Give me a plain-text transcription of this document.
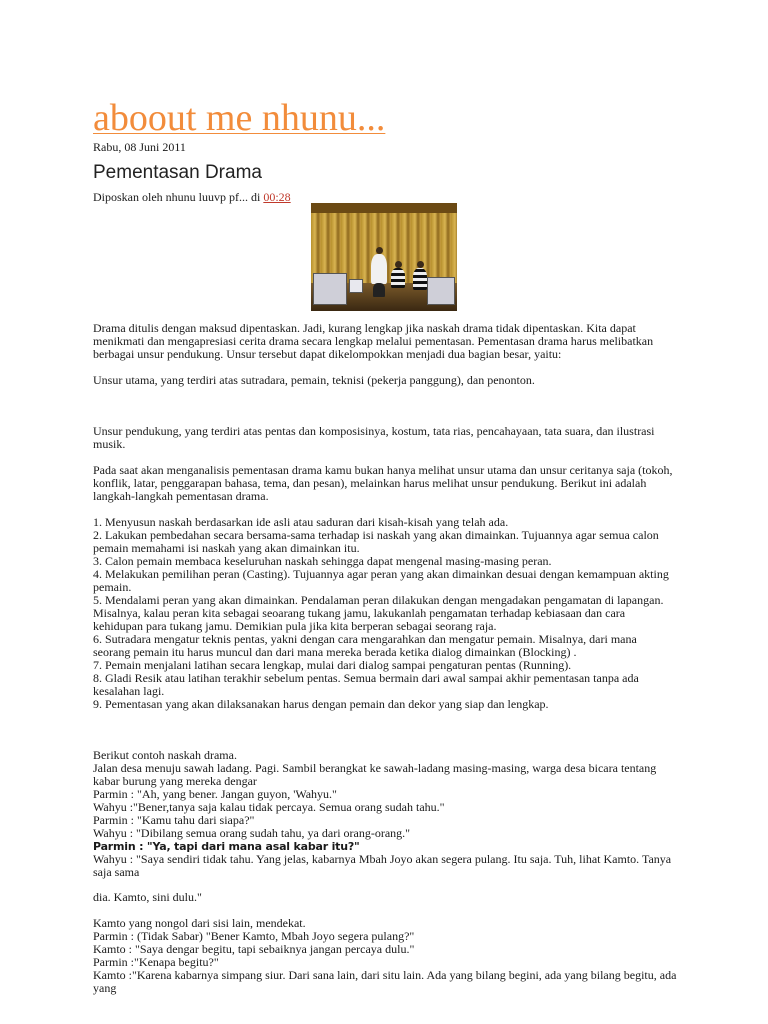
aboout me nhunu...
Rabu, 08 Juni 2011
Pementasan Drama
Diposkan oleh nhunu luuvp pf... di 00:28

Drama ditulis dengan maksud dipentaskan. Jadi, kurang lengkap jika naskah drama tidak dipentaskan. Kita dapat menikmati dan mengapresiasi cerita drama secara lengkap melalui pementasan. Pementasan drama harus melibatkan berbagai unsur pendukung. Unsur tersebut dapat dikelompokkan menjadi dua bagian besar, yaitu:

Unsur utama, yang terdiri atas sutradara, pemain, teknisi (pekerja panggung), dan penonton.

Unsur pendukung, yang terdiri atas pentas dan komposisinya, kostum, tata rias, pencahayaan, tata suara, dan ilustrasi musik.

Pada saat akan menganalisis pementasan drama kamu bukan hanya melihat unsur utama dan unsur ceritanya saja (tokoh, konflik, latar, penggarapan bahasa, tema, dan pesan), melainkan harus melihat unsur pendukung. Berikut ini adalah langkah-langkah pementasan drama.

1. Menyusun naskah berdasarkan ide asli atau saduran dari kisah-kisah yang telah ada.

2. Lakukan pembedahan secara bersama-sama terhadap isi naskah yang akan dimainkan. Tujuannya agar semua calon pemain memahami isi naskah yang akan dimainkan itu.

3. Calon pemain membaca keseluruhan naskah sehingga dapat mengenal masing-masing peran.

4. Melakukan pemilihan peran (Casting). Tujuannya agar peran yang akan dimainkan desuai dengan kemampuan akting pemain.

5. Mendalami peran yang akan dimainkan. Pendalaman peran dilakukan dengan mengadakan pengamatan di lapangan. Misalnya, kalau peran kita sebagai seoarang tukang jamu, lakukanlah pengamatan terhadap kebiasaan dan cara kehidupan para tukang jamu. Demikian pula jika kita berperan sebagai seorang raja.

6. Sutradara mengatur teknis pentas, yakni dengan cara mengarahkan dan mengatur pemain. Misalnya, dari mana seorang pemain itu harus muncul dan dari mana mereka berada ketika dialog dimainkan (Blocking) .

7. Pemain menjalani latihan secara lengkap, mulai dari dialog sampai pengaturan pentas (Running).

8. Gladi Resik atau latihan terakhir sebelum pentas. Semua bermain dari awal sampai akhir pementasan tanpa ada kesalahan lagi.

9. Pementasan yang akan dilaksanakan harus dengan pemain dan dekor yang siap dan lengkap.

Berikut contoh naskah drama.

Jalan desa menuju sawah ladang. Pagi. Sambil berangkat ke sawah-ladang masing-masing, warga desa bicara tentang kabar burung yang mereka dengar

Parmin : "Ah, yang bener. Jangan guyon, 'Wahyu."

Wahyu :"Bener,tanya saja kalau tidak percaya. Semua orang sudah tahu."

Parmin : "Kamu tahu dari siapa?"

Wahyu : "Dibilang semua orang sudah tahu, ya dari orang-orang."

Parmin : "Ya, tapi dari mana asal kabar itu?"

Wahyu : "Saya sendiri tidak tahu. Yang jelas, kabarnya Mbah Joyo akan segera pulang. Itu saja. Tuh, lihat Kamto. Tanya saja sama

dia. Kamto, sini dulu."

Kamto yang nongol dari sisi lain, mendekat.

Parmin : (Tidak Sabar) "Bener Kamto, Mbah Joyo segera pulang?"

Kamto : "Saya dengar begitu, tapi sebaiknya jangan percaya dulu."

Parmin :"Kenapa begitu?"

Kamto :"Karena kabarnya simpang siur. Dari sana lain, dari situ lain. Ada yang bilang begini, ada yang bilang begitu, ada yang
